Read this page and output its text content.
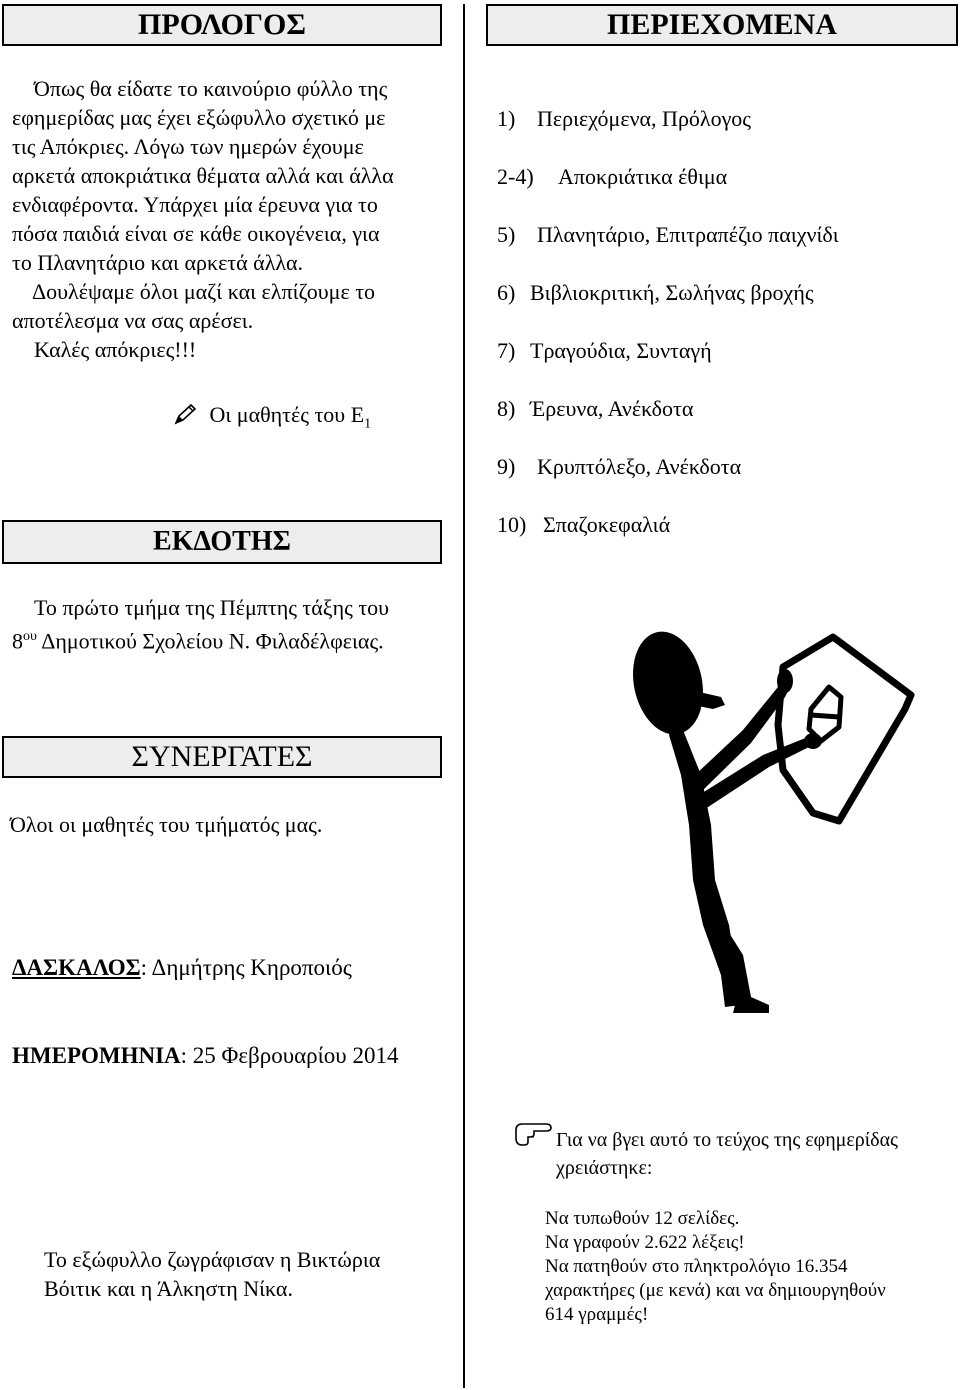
ΠΡΟΛΟΓΟΣ
Όπως θα είδατε το καινούριο φύλλο της
εφημερίδας μας έχει εξώφυλλο σχετικό με
τις Απόκριες. Λόγω των ημερών έχουμε
αρκετά αποκριάτικα θέματα αλλά και άλλα
ενδιαφέροντα. Υπάρχει μία έρευνα για το
πόσα παιδιά είναι σε κάθε οικογένεια, για
το Πλανητάριο και αρκετά άλλα.
Δουλέψαμε όλοι μαζί και ελπίζουμε το
αποτέλεσμα να σας αρέσει.
Καλές απόκριες!!!
Οι μαθητές του $E_1$
ΠΕΡΙΕΧΟΜΕΝΑ
1) Περιεχόμενα, Πρόλογος
2-4) Αποκριάτικα έθιμα
5) Πλανητάριο, Επιτραπέζιο παιχνίδι
6) Βιβλιοκριτική, Σωλήνας βροχής
7) Τραγούδια, Συνταγή
8) Έρευνα, Ανέκδοτα
9) Κρυπτόλεξο, Ανέκδοτα
10) Σπαζοκεφαλιά
ΕΚΔΟΤΗΣ
Το πρώτο τμήμα της Πέμπτης τάξης του
$8^{o\upsilon}$ Δημοτικού Σχολείου Ν. Φιλαδέλφειας.
ΣΥΝΕΡΓΑΤΕΣ
Όλοι οι μαθητές του τμήματός μας.
ΔΑΣΚΑΛΟΣ: Δημήτρης Κηροποιός
ΗΜΕΡΟΜΗΝΙΑ: 25 Φεβρουαρίου 2014
Το εξώφυλλο ζωγράφισαν η Βικτώρια
Βόιτικ και η Άλκηστη Νίκα.
Για να βγει αυτό το τεύχος της εφημερίδας
χρειάστηκε:
Να τυπωθούν 12 σελίδες.
Να γραφούν 2.622 λέξεις!
Να πατηθούν στο πληκτρολόγιο 16.354
χαρακτήρες (με κενά) και να δημιουργηθούν
614 γραμμές!
